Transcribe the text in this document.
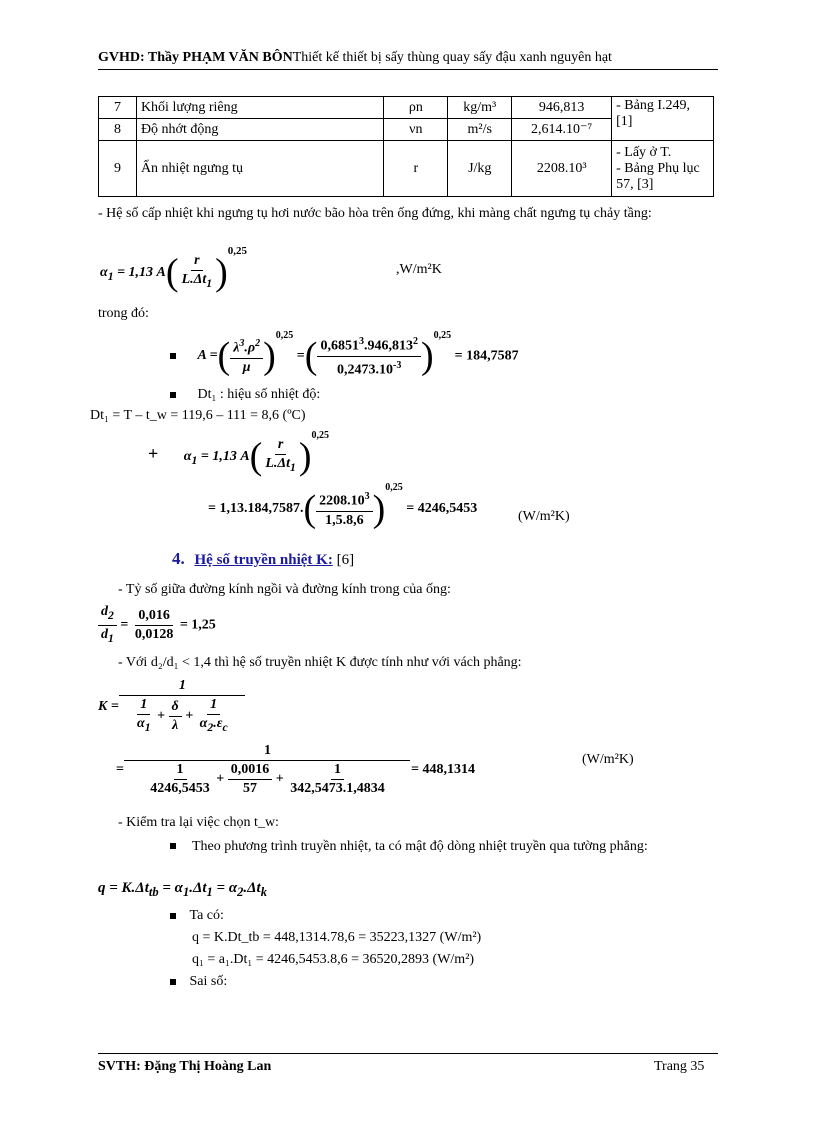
GVHD: Thầy PHẠM VĂN BÔNThiết kế thiết bị sấy thùng quay sấy đậu xanh nguyên hạt
7	Khối lượng riêng	ρn	kg/m³	946,813	- Bảng I.249, [1]
8	Độ nhớt động	νn	m²/s	2,614.10⁻⁷	
9	Ẩn nhiệt ngưng tụ	r	J/kg	2208.10³	- Lấy ở T.
- Bảng Phụ lục 57, [3]
- Hệ số cấp nhiệt khi ngưng tụ hơi nước bão hòa trên ống đứng, khi màng chất ngưng tụ chảy tầng:
$\alpha_1 = 1,13$ $A( \frac{r}{L.\Delta t_1} )^{0,25}$
,W/m²K
trong đó:
A =( $\frac{\lambda^3.\rho^2}{\mu} )^{0,25}$ =( $\frac{0,6851^3.946,813^2}{0,2473.10^{-3}} )^{0,25} = 184,7587$
Dt₁ : hiệu số nhiệt độ:
Dt₁ = T – t_w = 119,6 – 111 = 8,6 (ºC)
+ $\alpha_1 = 1,13$ $A( \frac{r}{L.\Delta t_1} )^{0,25}$
= $1,13.184,7587.( \frac{2208.10^3}{1,5.8,6} )^{0,25} = 4246,5453$
(W/m²K)
4. Hệ số truyền nhiệt K: [6]
- Tỷ số giữa đường kính ngồi và đường kính trong của ống:
$\frac{d_2}{d_1} = \frac{0,016}{0,0128} = 1,25$
- Với d₂/d₁ < 1,4 thì hệ số truyền nhiệt K được tính như với vách phẳng:
$K = \frac{1}{\frac{1}{\alpha_1} + \frac{\delta}{\lambda} + \frac{1}{\alpha_2.\varepsilon_c}}$
= $\frac{1}{\frac{1}{4246,5453} + \frac{0,0016}{57} + \frac{1}{342,5473.1,4834}} = 448,1314$
(W/m²K)
- Kiểm tra lại việc chọn t_w:
Theo phương trình truyền nhiệt, ta có mật độ dòng nhiệt truyền qua tường phẳng:
$q = K.\Delta t_{tb} = \alpha_1.\Delta t_1 = \alpha_2.\Delta t_k$
Ta có:
q = K.Dt_tb = 448,1314.78,6 = 35223,1327 (W/m²)
q₁ = a₁.Dt₁ = 4246,5453.8,6 = 36520,2893 (W/m²)
Sai số:
SVTH: Đặng Thị Hoàng Lan	Trang 35
